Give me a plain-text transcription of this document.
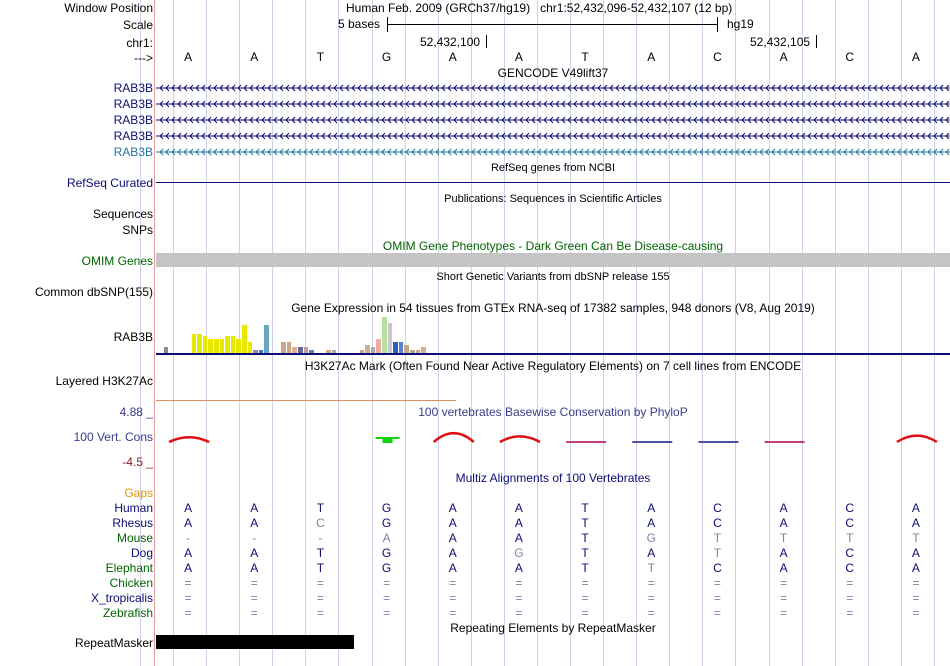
Window Position	Human Feb. 2009 (GRCh37/hg19)   chr1:52,432,096-52,432,107 (12 bp)
Scale	5 bases	hg19
chr1:	52,432,100	52,432,105
--->	A	A	T	G	A	A	T	A	C	A	C	A
GENCODE V49lift37
RAB3B
RAB3B
RAB3B
RAB3B
RAB3B
RefSeq genes from NCBI
RefSeq Curated
Publications: Sequences in Scientific Articles
Sequences
SNPs
OMIM Gene Phenotypes - Dark Green Can Be Disease-causing
OMIM Genes
Short Genetic Variants from dbSNP release 155
Common dbSNP(155)
Gene Expression in 54 tissues from GTEx RNA-seq of 17382 samples, 948 donors (V8, Aug 2019)
RAB3B
H3K27Ac Mark (Often Found Near Active Regulatory Elements) on 7 cell lines from ENCODE
Layered H3K27Ac
100 vertebrates Basewise Conservation by PhyloP
4.88 _
100 Vert. Cons
-4.5 _
Multiz Alignments of 100 Vertebrates
Gaps
Human	A	A	T	G	A	A	T	A	C	A	C	A
Rhesus	A	A	C	G	A	A	T	A	C	A	C	A
Mouse	-	-	-	A	A	A	T	G	T	T	T	T
Dog	A	A	T	G	A	G	T	A	T	A	C	A
Elephant	A	A	T	G	A	A	T	T	C	A	C	A
Chicken	=	=	=	=	=	=	=	=	=	=	=	=
X_tropicalis	=	=	=	=	=	=	=	=	=	=	=	=
Zebrafish	=	=	=	=	=	=	=	=	=	=	=	=
Repeating Elements by RepeatMasker
RepeatMasker
